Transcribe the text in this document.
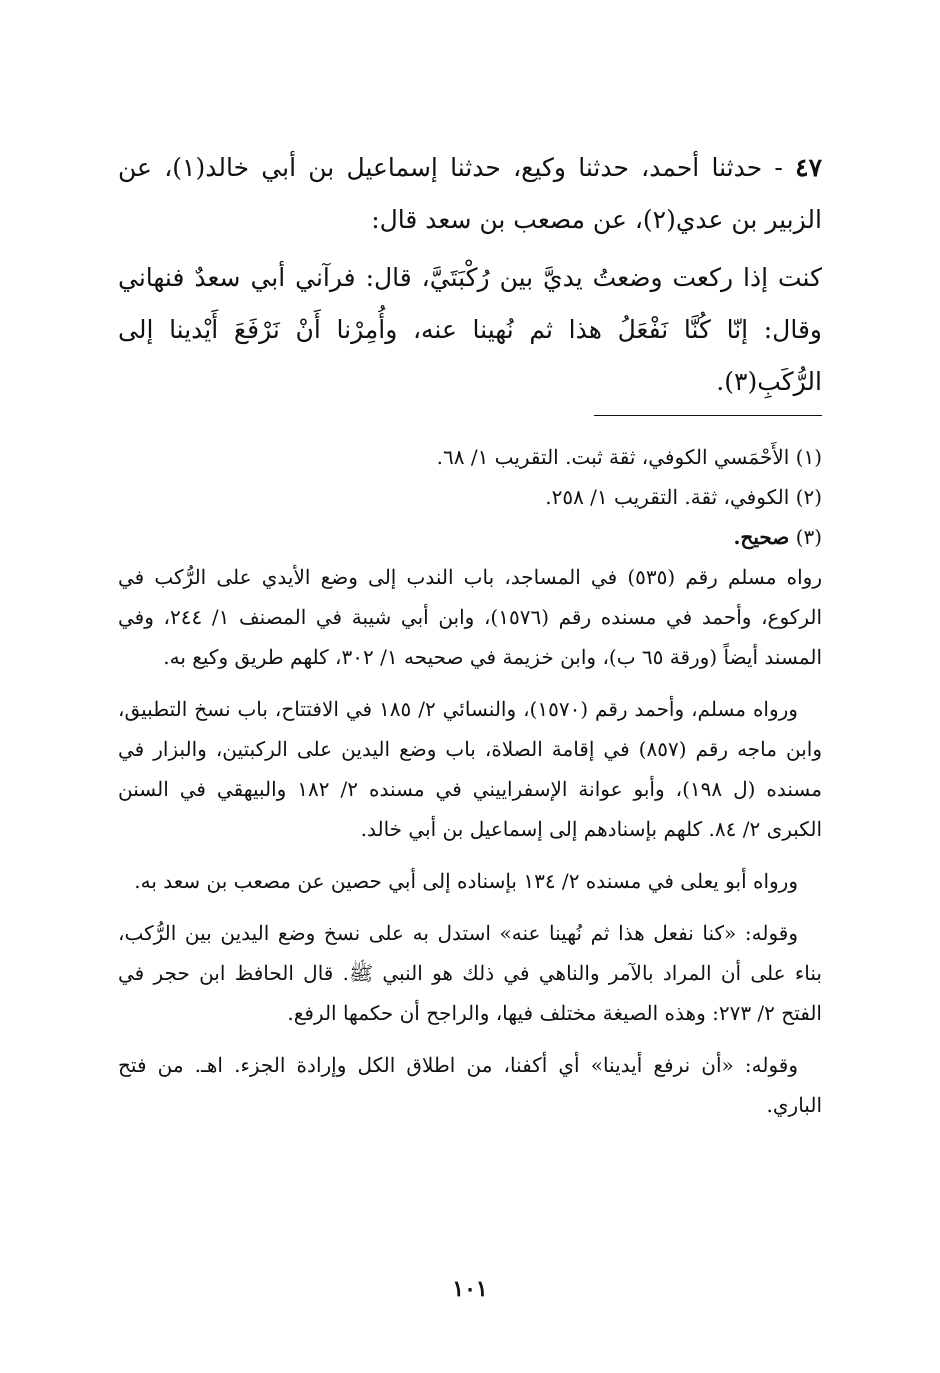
٤٧ - حدثنا أحمد، حدثنا وكيع، حدثنا إسماعيل بن أبي خالد(١)، عن الزبير بن عدي(٢)، عن مصعب بن سعد قال:

كنت إذا ركعت وضعتُ يديَّ بين رُكْبَتَيَّ، قال: فرآني أبي سعدٌ فنهاني وقال: إنّا كُنَّا نَفْعَلُ هذا ثم نُهينا عنه، وأُمِرْنا أَنْ نَرْفَعَ أَيْدينا إلى الرُّكَبِ(٣).

(١) الأَحْمَسي الكوفي، ثقة ثبت. التقريب ١/ ٦٨.

(٢) الكوفي، ثقة. التقريب ١/ ٢٥٨.

(٣) صحيح.

رواه مسلم رقم (٥٣٥) في المساجد، باب الندب إلى وضع الأيدي على الرُّكب في الركوع، وأحمد في مسنده رقم (١٥٧٦)، وابن أبي شيبة في المصنف ١/ ٢٤٤، وفي المسند أيضاً (ورقة ٦٥ ب)، وابن خزيمة في صحيحه ١/ ٣٠٢، كلهم طريق وكيع به.

ورواه مسلم، وأحمد رقم (١٥٧٠)، والنسائي ٢/ ١٨٥ في الافتتاح، باب نسخ التطبيق، وابن ماجه رقم (٨٥٧) في إقامة الصلاة، باب وضع اليدين على الركبتين، والبزار في مسنده (ل ١٩٨)، وأبو عوانة الإسفراييني في مسنده ٢/ ١٨٢ والبيهقي في السنن الكبرى ٢/ ٨٤. كلهم بإسنادهم إلى إسماعيل بن أبي خالد.

ورواه أبو يعلى في مسنده ٢/ ١٣٤ بإسناده إلى أبي حصين عن مصعب بن سعد به.

وقوله: «كنا نفعل هذا ثم نُهينا عنه» استدل به على نسخ وضع اليدين بين الرُّكب، بناء على أن المراد بالآمر والناهي في ذلك هو النبي ﷺ. قال الحافظ ابن حجر في الفتح ٢/ ٢٧٣: وهذه الصيغة مختلف فيها، والراجح أن حكمها الرفع.

وقوله: «أن نرفع أيدينا» أي أكفنا، من اطلاق الكل وإرادة الجزء. اهـ. من فتح الباري.

١٠١
